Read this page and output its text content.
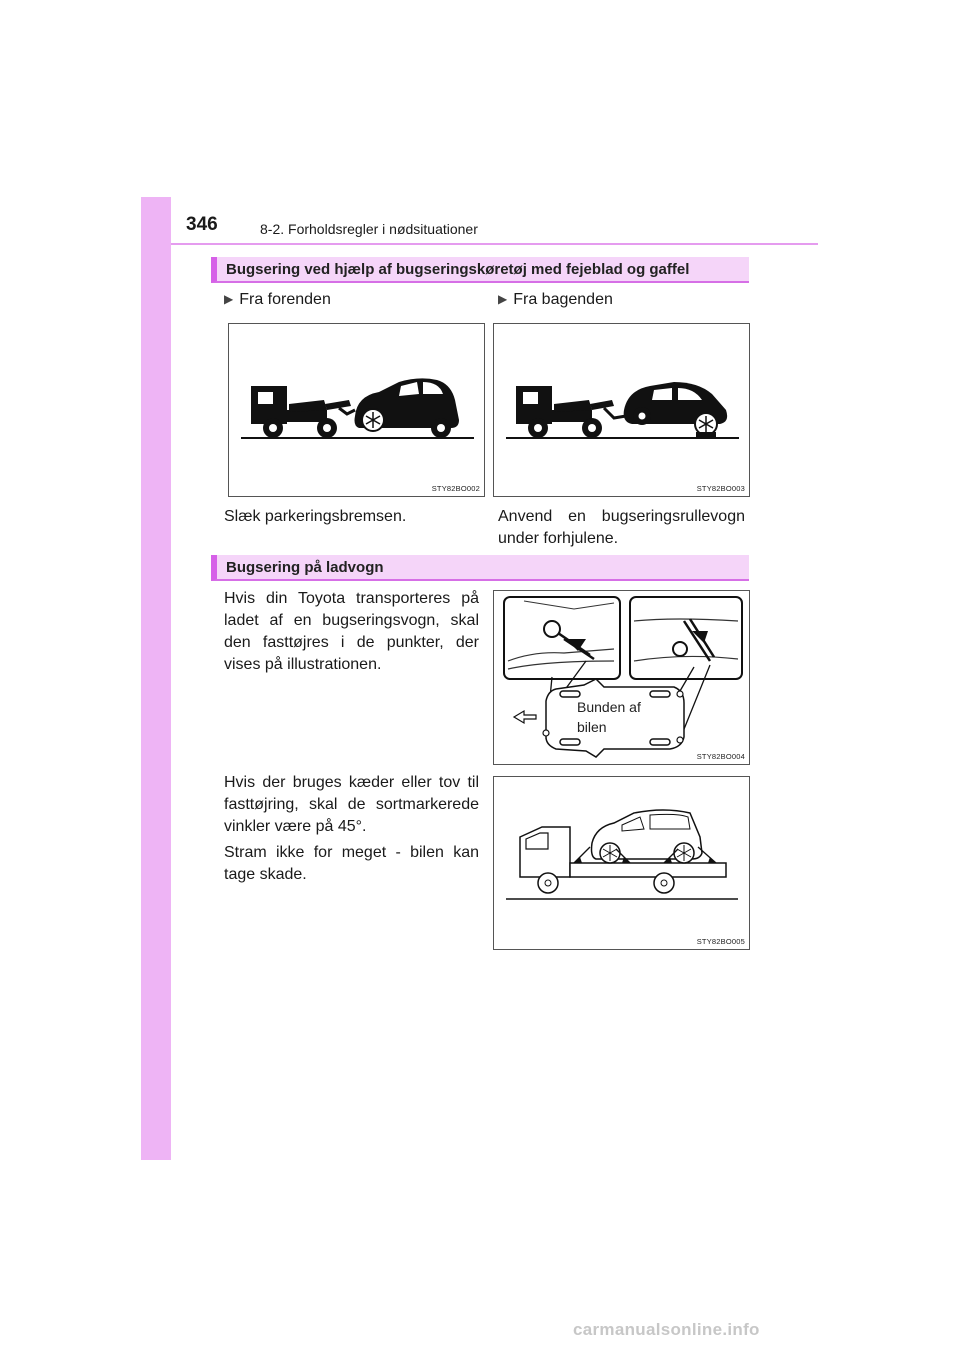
346	8-2. Forholdsregler i nødsituationer
Bugsering ved hjælp af bugseringskøretøj med fejeblad og gaffel
▶ Fra forenden	▶ Fra bagenden
STY82BO002	STY82BO003
Slæk parkeringsbremsen.	Anvend en bugseringsrullevogn
under forhjulene.
Bugsering på ladvogn
Hvis din Toyota transporteres på
ladet af en bugseringsvogn, skal
den fasttøjres i de punkter, der
vises på illustrationen.
Bunden af
bilen
STY82BO004
Hvis der bruges kæder eller tov til
fasttøjring, skal de sortmarkerede
vinkler være på 45°.
Stram ikke for meget - bilen kan
tage skade.
STY82BO005
carmanualsonline.info
